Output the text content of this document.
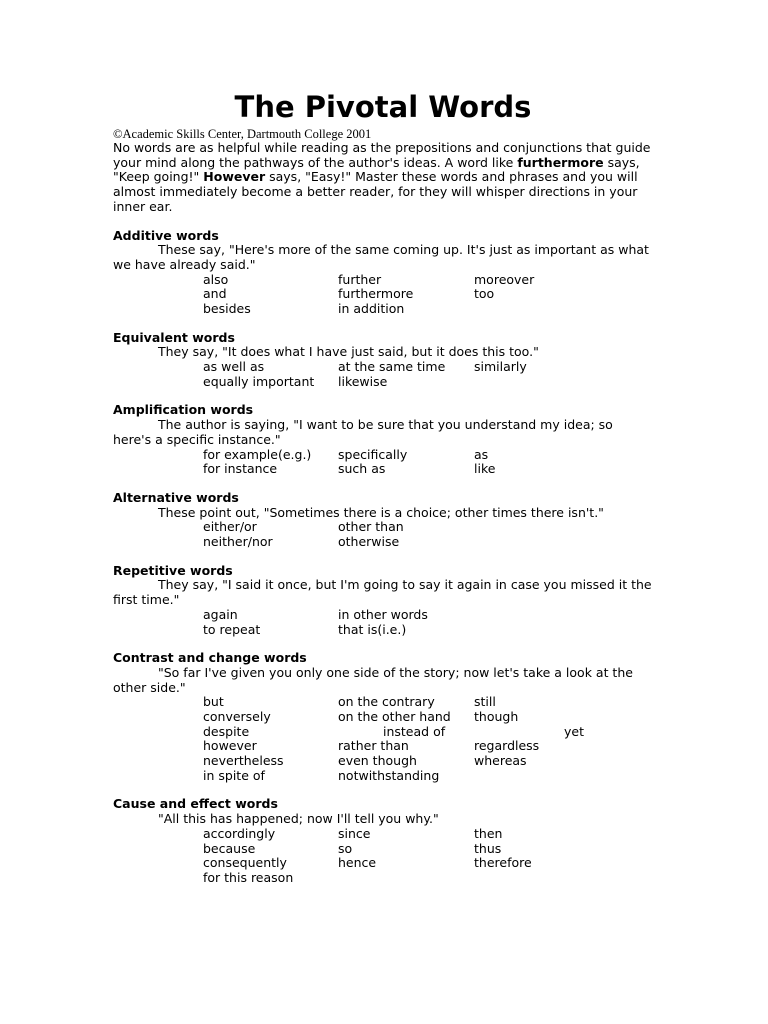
The Pivotal Words
©Academic Skills Center, Dartmouth College 2001

No words are as helpful while reading as the prepositions and conjunctions that guide your mind along the pathways of the author's ideas. A word like furthermore says, "Keep going!" However says, "Easy!" Master these words and phrases and you will almost immediately become a better reader, for they will whisper directions in your inner ear.

Additive words
These say, "Here's more of the same coming up. It's just as important as what we have already said."
also	further	moreover
and	furthermore	too
besides	in addition
Equivalent words
They say, "It does what I have just said, but it does this too."
as well as	at the same time	similarly
equally important	likewise
Amplification words
The author is saying, "I want to be sure that you understand my idea; so here's a specific instance."
for example(e.g.)	specifically	as
for instance	such as	like
Alternative words
These point out, "Sometimes there is a choice; other times there isn't."
either/or	other than
neither/nor	otherwise
Repetitive words
They say, "I said it once, but I'm going to say it again in case you missed it the first time."
again	in other words
to repeat	that is(i.e.)
Contrast and change words
"So far I've given you only one side of the story; now let's take a look at the other side."
but	on the contrary	still
conversely	on the other hand	though
despite	instead of	yet
however	rather than	regardless
nevertheless	even though	whereas
in spite of	notwithstanding
Cause and effect words
"All this has happened; now I'll tell you why."
accordingly	since	then
because	so	thus
consequently	hence	therefore
for this reason
